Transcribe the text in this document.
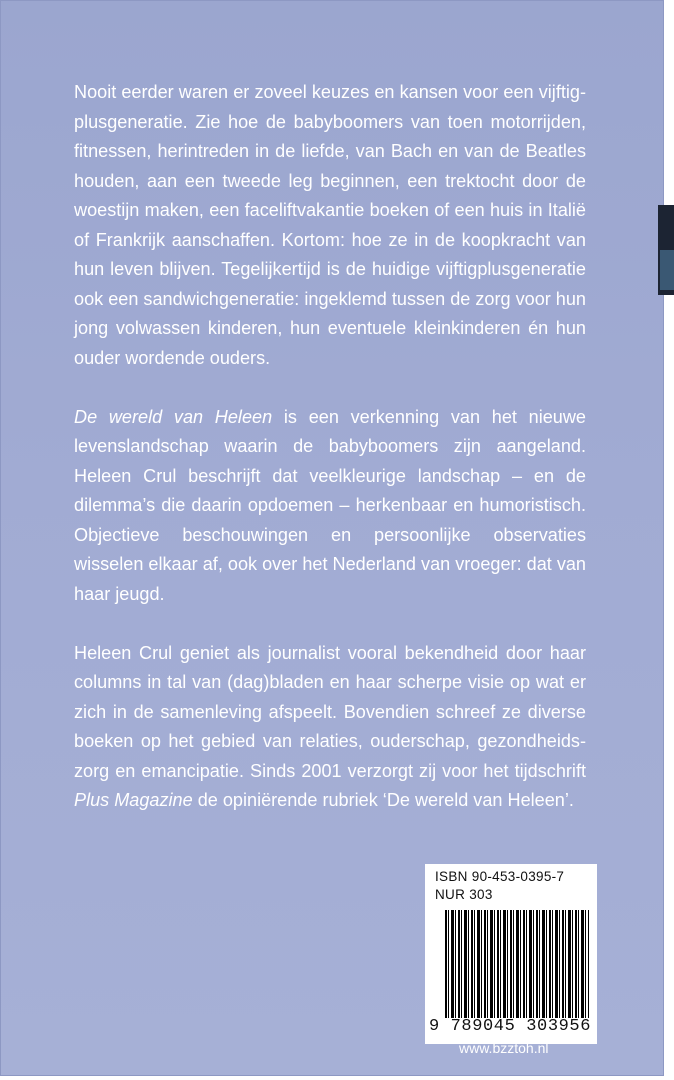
Nooit eerder waren er zoveel keuzes en kansen voor een vijftigplusgeneratie. Zie hoe de babyboomers van toen motorrijden, fitnessen, herintreden in de liefde, van Bach en van de Beatles houden, aan een tweede leg beginnen, een trektocht door de woestijn maken, een faceliftvakantie boeken of een huis in Italië of Frankrijk aanschaffen. Kortom: hoe ze in de koopkracht van hun leven blijven. Tegelijkertijd is de huidige vijftigplusgeneratie ook een sandwichgeneratie: ingeklemd tussen de zorg voor hun jong volwassen kinderen, hun eventuele kleinkinderen én hun ouder wordende ouders.

De wereld van Heleen is een verkenning van het nieuwe levenslandschap waarin de babyboomers zijn aangeland. Heleen Crul beschrijft dat veelkleurige landschap – en de dilemma’s die daarin opdoemen – herkenbaar en humoristisch. Objectieve beschouwingen en persoonlijke observaties wisselen elkaar af, ook over het Nederland van vroeger: dat van haar jeugd.

Heleen Crul geniet als journalist vooral bekendheid door haar columns in tal van (dag)bladen en haar scherpe visie op wat er zich in de samenleving afspeelt. Bovendien schreef ze diverse boeken op het gebied van relaties, ouderschap, gezondheidszorg en emancipatie. Sinds 2001 verzorgt zij voor het tijdschrift Plus Magazine de opiniërende rubriek ‘De wereld van Heleen’.

ISBN 90-453-0395-7
NUR 303
9 789045 303956
www.bzztoh.nl
